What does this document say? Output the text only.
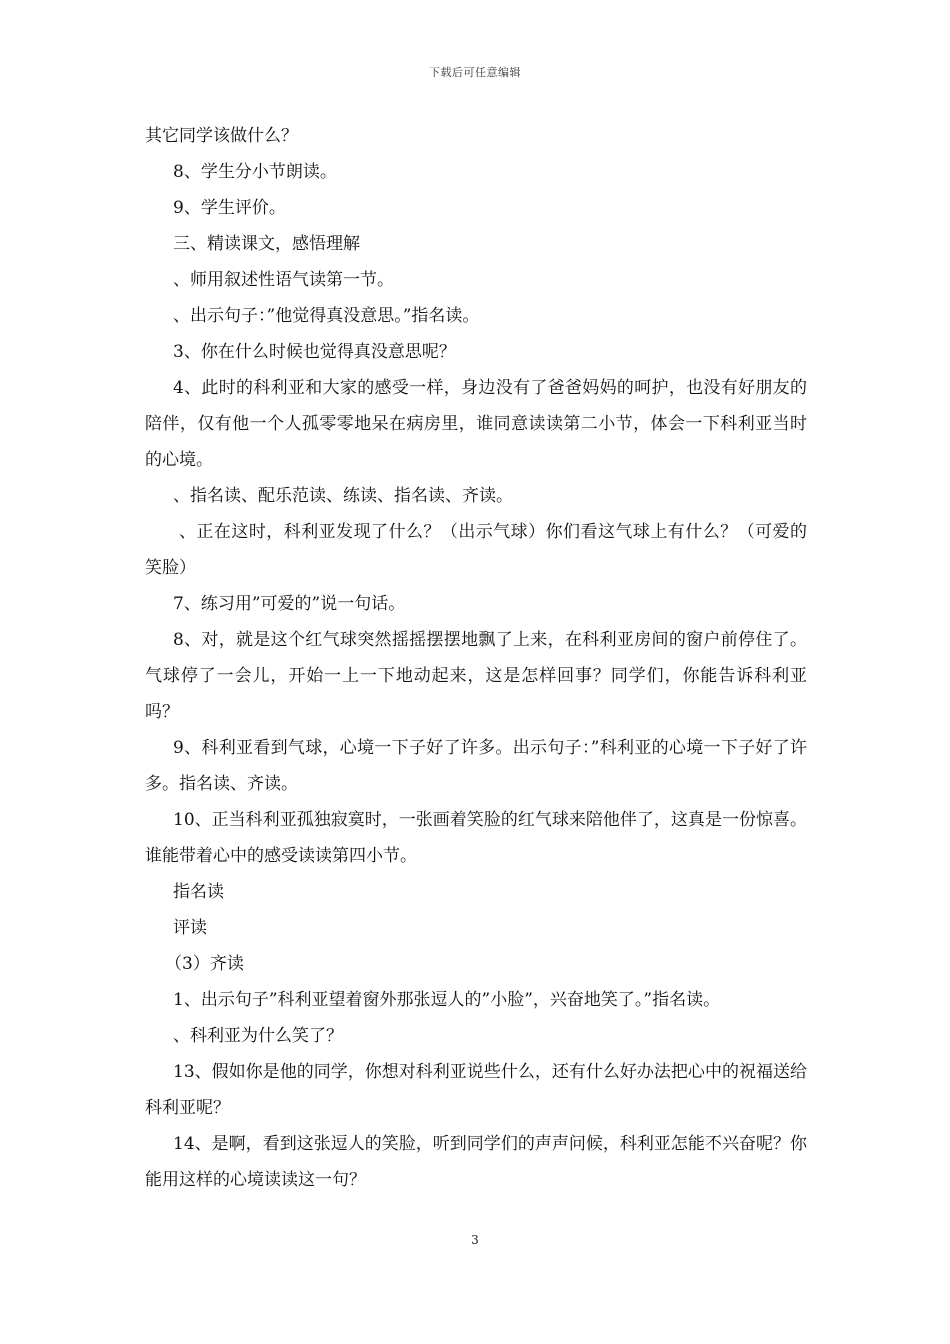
下载后可任意编辑

其它同学该做什么？

8、学生分小节朗读。

9、学生评价。

三、精读课文，感悟理解

、师用叙述性语气读第一节。

、出示句子：”他觉得真没意思。”指名读。

3、你在什么时候也觉得真没意思呢？

4、此时的科利亚和大家的感受一样，身边没有了爸爸妈妈的呵护，也没有好朋友的陪伴，仅有他一个人孤零零地呆在病房里，谁同意读读第二小节，体会一下科利亚当时的心境。

、指名读、配乐范读、练读、指名读、齐读。

、正在这时，科利亚发现了什么？（出示气球）你们看这气球上有什么？（可爱的笑脸）

7、练习用”可爱的”说一句话。

8、对，就是这个红气球突然摇摇摆摆地飘了上来，在科利亚房间的窗户前停住了。气球停了一会儿，开始一上一下地动起来，这是怎样回事？同学们，你能告诉科利亚吗？

9、科利亚看到气球，心境一下子好了许多。出示句子：”科利亚的心境一下子好了许多。指名读、齐读。

10、正当科利亚孤独寂寞时，一张画着笑脸的红气球来陪他伴了，这真是一份惊喜。谁能带着心中的感受读读第四小节。

指名读

评读

（3）齐读

1、出示句子”科利亚望着窗外那张逗人的”小脸”，兴奋地笑了。”指名读。

、科利亚为什么笑了？

13、假如你是他的同学，你想对科利亚说些什么，还有什么好办法把心中的祝福送给科利亚呢？

14、是啊，看到这张逗人的笑脸，听到同学们的声声问候，科利亚怎能不兴奋呢？你能用这样的心境读读这一句？

3
